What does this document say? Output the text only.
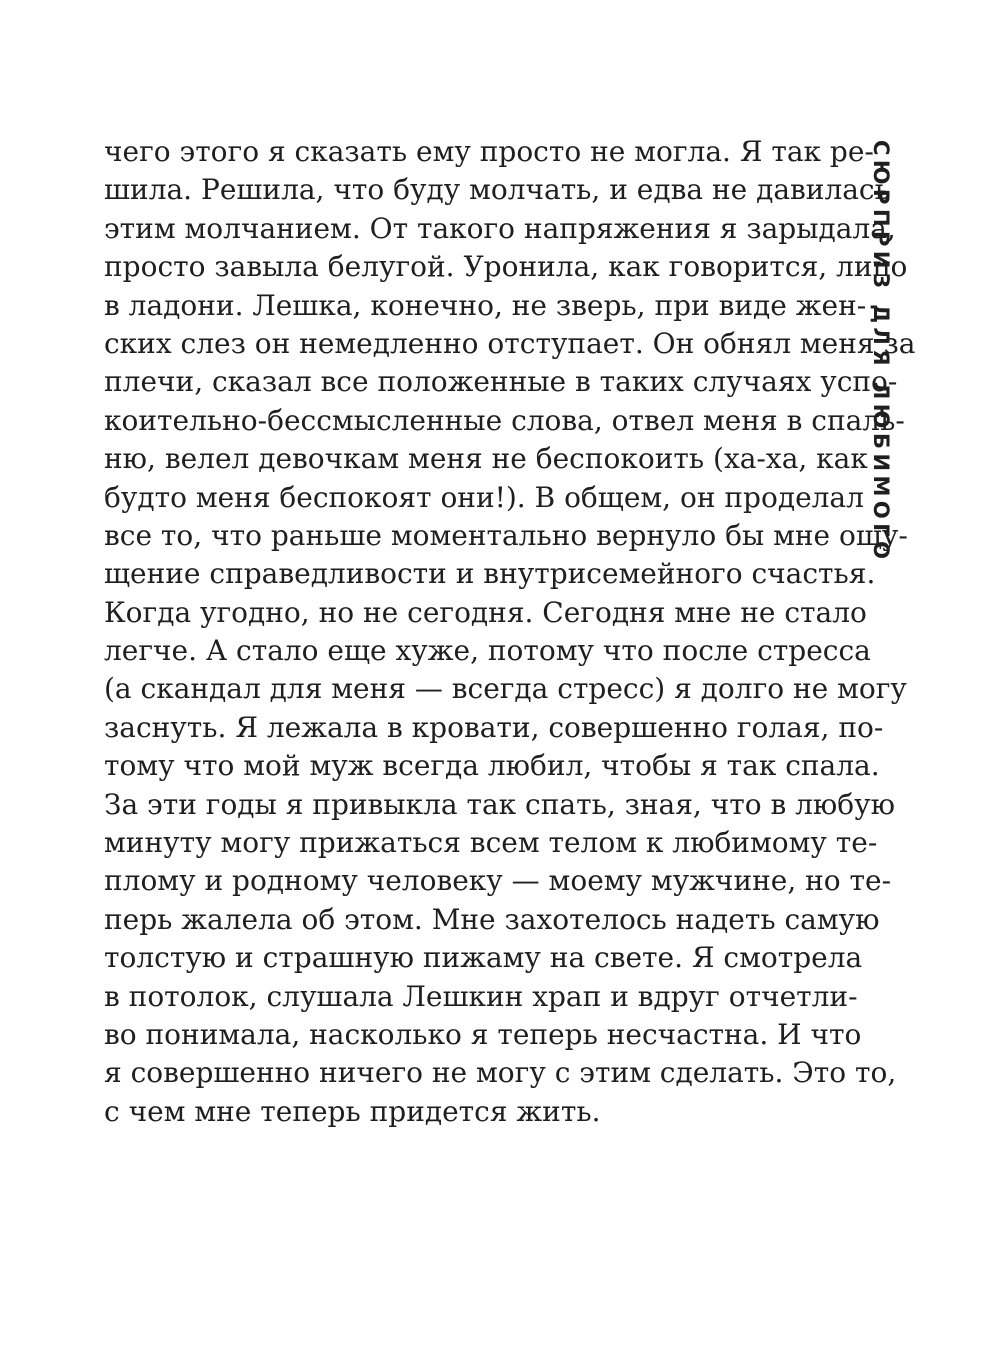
чего этого я сказать ему просто не могла. Я так ре-
шила. Решила, что буду молчать, и едва не давилась
этим молчанием. От такого напряжения я зарыдала,
просто завыла белугой. Уронила, как говорится, лицо
в ладони. Лешка, конечно, не зверь, при виде жен-
ских слез он немедленно отступает. Он обнял меня за
плечи, сказал все положенные в таких случаях успо-
коительно-бессмысленные слова, отвел меня в спаль-
ню, велел девочкам меня не беспокоить (ха-ха, как
будто меня беспокоят они!). В общем, он проделал
все то, что раньше моментально вернуло бы мне ощу-
щение справедливости и внутрисемейного счастья.
Когда угодно, но не сегодня. Сегодня мне не стало
легче. А стало еще хуже, потому что после стресса
(а скандал для меня — всегда стресс) я долго не могу
заснуть. Я лежала в кровати, совершенно голая, по-
тому что мой муж всегда любил, чтобы я так спала.
За эти годы я привыкла так спать, зная, что в любую
минуту могу прижаться всем телом к любимому те-
плому и родному человеку — моему мужчине, но те-
перь жалела об этом. Мне захотелось надеть самую
толстую и страшную пижаму на свете. Я смотрела
в потолок, слушала Лешкин храп и вдруг отчетли-
во понимала, насколько я теперь несчастна. И что
я совершенно ничего не могу с этим сделать. Это то,
с чем мне теперь придется жить.
СЮРПРИЗ ДЛЯ ЛЮБИМОГО
